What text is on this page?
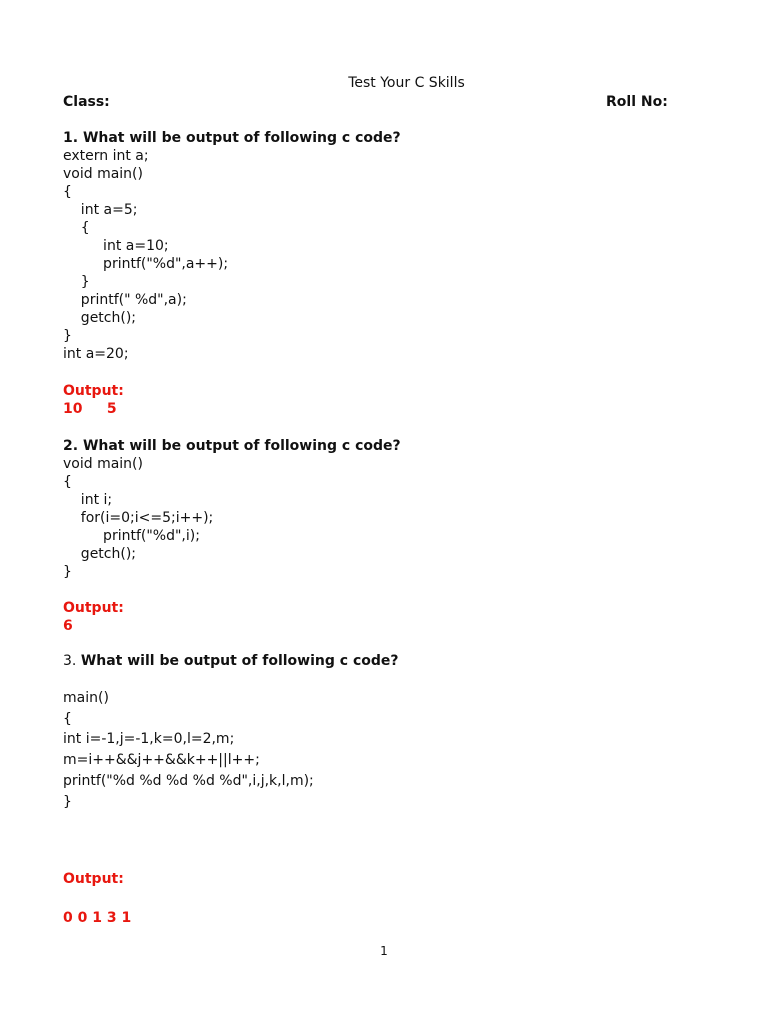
Test Your C Skills
Class:	Roll No:
1. What will be output of following c code?
extern int a;
void main()
{
int a=5;
{
int a=10;
printf("%d",a++);
}
printf(" %d",a);
getch();
}
int a=20;
Output:
10     5
2. What will be output of following c code?
void main()
{
int i;
for(i=0;i<=5;i++);
printf("%d",i);
getch();
}
Output:
6
3. What will be output of following c code?
main()
{
int i=-1,j=-1,k=0,l=2,m;
m=i++&&j++&&k++||l++;
printf("%d %d %d %d %d",i,j,k,l,m);
}
Output:
0 0 1 3 1
1
